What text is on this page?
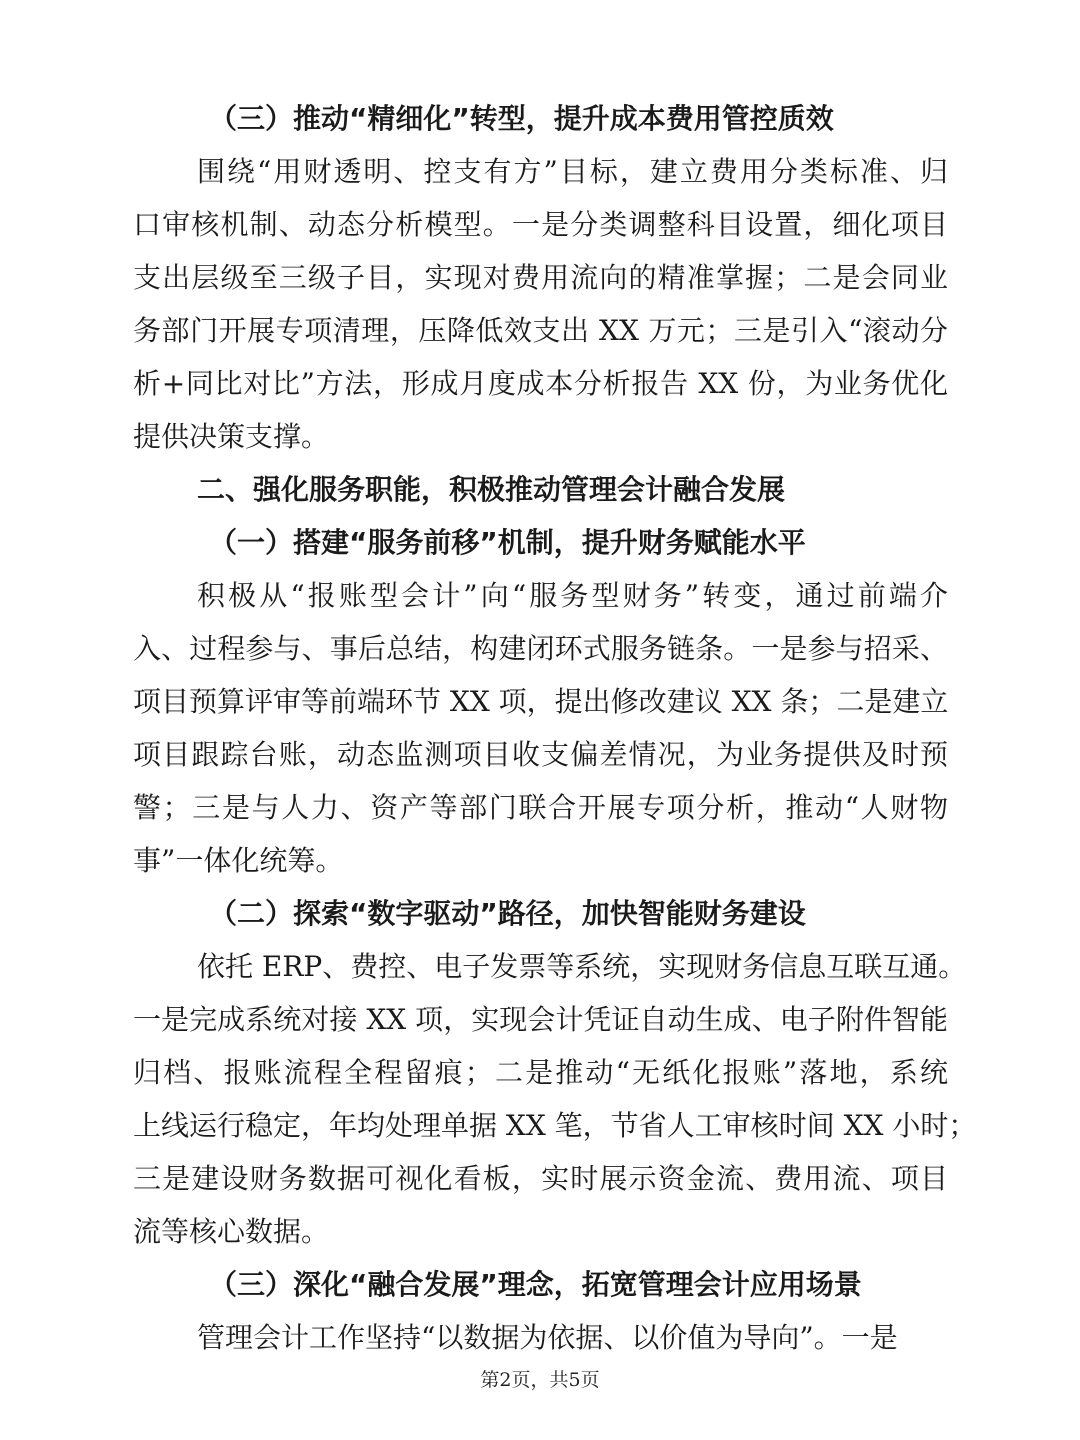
（三）推动“精细化”转型，提升成本费用管控质效
围绕“用财透明、控支有方”目标，建立费用分类标准、归
口审核机制、动态分析模型。一是分类调整科目设置，细化项目
支出层级至三级子目，实现对费用流向的精准掌握；二是会同业
务部门开展专项清理，压降低效支出 XX 万元；三是引入“滚动分
析+同比对比”方法，形成月度成本分析报告 XX 份，为业务优化
提供决策支撑。
二、强化服务职能，积极推动管理会计融合发展
（一）搭建“服务前移”机制，提升财务赋能水平
积极从“报账型会计”向“服务型财务”转变，通过前端介
入、过程参与、事后总结，构建闭环式服务链条。一是参与招采、
项目预算评审等前端环节 XX 项，提出修改建议 XX 条；二是建立
项目跟踪台账，动态监测项目收支偏差情况，为业务提供及时预
警；三是与人力、资产等部门联合开展专项分析，推动“人财物
事”一体化统筹。
（二）探索“数字驱动”路径，加快智能财务建设
依托 ERP、费控、电子发票等系统，实现财务信息互联互通。
一是完成系统对接 XX 项，实现会计凭证自动生成、电子附件智能
归档、报账流程全程留痕；二是推动“无纸化报账”落地，系统
上线运行稳定，年均处理单据 XX 笔，节省人工审核时间 XX 小时；
三是建设财务数据可视化看板，实时展示资金流、费用流、项目
流等核心数据。
（三）深化“融合发展”理念，拓宽管理会计应用场景
管理会计工作坚持“以数据为依据、以价值为导向”。一是
第2页，共5页
